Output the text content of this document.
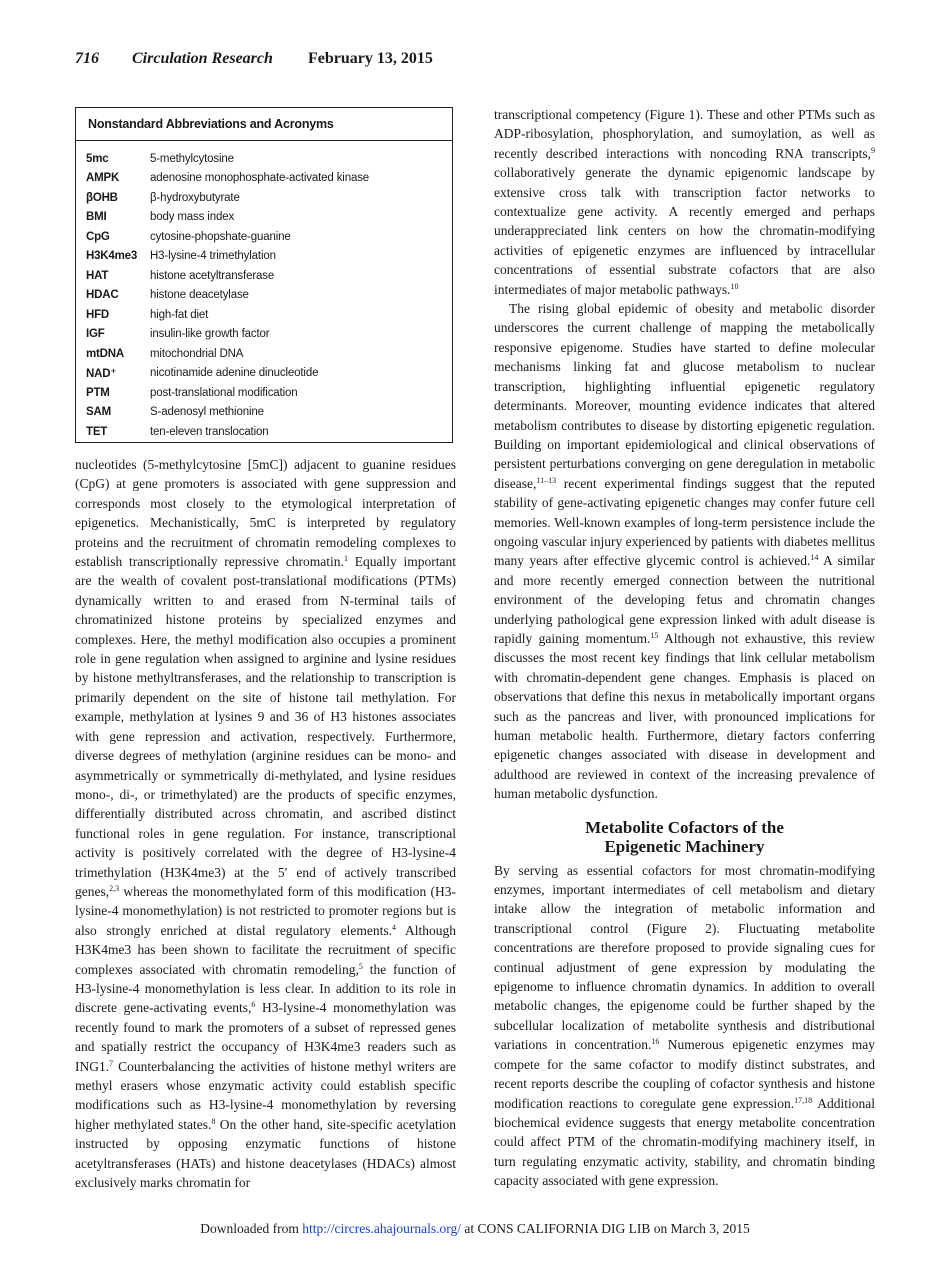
716 Circulation Research February 13, 2015
Nonstandard Abbreviations and Acronyms
5mc	5-methylcytosine
AMPK	adenosine monophosphate-activated kinase
βOHB	β-hydroxybutyrate
BMI	body mass index
CpG	cytosine-phopshate-guanine
H3K4me3	H3-lysine-4 trimethylation
HAT	histone acetyltransferase
HDAC	histone deacetylase
HFD	high-fat diet
IGF	insulin-like growth factor
mtDNA	mitochondrial DNA
NAD⁺	nicotinamide adenine dinucleotide
PTM	post-translational modification
SAM	S-adenosyl methionine
TET	ten-eleven translocation

nucleotides (5-methylcytosine [5mC]) adjacent to guanine residues (CpG) at gene promoters is associated with gene suppression and corresponds most closely to the etymological interpretation of epigenetics. Mechanistically, 5mC is interpreted by regulatory proteins and the recruitment of chromatin remodeling complexes to establish transcriptionally repressive chromatin.$^1$ Equally important are the wealth of covalent post-translational modifications (PTMs) dynamically written to and erased from N-terminal tails of chromatinized histone proteins by specialized enzymes and complexes. Here, the methyl modification also occupies a prominent role in gene regulation when assigned to arginine and lysine residues by histone methyltransferases, and the relationship to transcription is primarily dependent on the site of histone tail methylation. For example, methylation at lysines 9 and 36 of H3 histones associates with gene repression and activation, respectively. Furthermore, diverse degrees of methylation (arginine residues can be mono- and asymmetrically or symmetrically di-methylated, and lysine residues mono-, di-, or trimethylated) are the products of specific enzymes, differentially distributed across chromatin, and ascribed distinct functional roles in gene regulation. For instance, transcriptional activity is positively correlated with the degree of H3-lysine-4 trimethylation (H3K4me3) at the 5′ end of actively transcribed genes,$^{2,3}$ whereas the monomethylated form of this modification (H3-lysine-4 monomethylation) is not restricted to promoter regions but is also strongly enriched at distal regulatory elements.$^4$ Although H3K4me3 has been shown to facilitate the recruitment of specific complexes associated with chromatin remodeling,$^5$ the function of H3-lysine-4 monomethylation is less clear. In addition to its role in discrete gene-activating events,$^6$ H3-lysine-4 monomethylation was recently found to mark the promoters of a subset of repressed genes and spatially restrict the occupancy of H3K4me3 readers such as ING1.$^7$ Counterbalancing the activities of histone methyl writers are methyl erasers whose enzymatic activity could establish specific modifications such as H3-lysine-4 monomethylation by reversing higher methylated states.$^8$ On the other hand, site-specific acetylation instructed by opposing enzymatic functions of histone acetyltransferases (HATs) and histone deacetylases (HDACs) almost exclusively marks chromatin for

transcriptional competency (Figure 1). These and other PTMs such as ADP-ribosylation, phosphorylation, and sumoylation, as well as recently described interactions with noncoding RNA transcripts,$^9$ collaboratively generate the dynamic epigenomic landscape by extensive cross talk with transcription factor networks to contextualize gene activity. A recently emerged and perhaps underappreciated link centers on how the chromatin-modifying activities of epigenetic enzymes are influenced by intracellular concentrations of essential substrate cofactors that are also intermediates of major metabolic pathways.$^{10}$

The rising global epidemic of obesity and metabolic disorder underscores the current challenge of mapping the metabolically responsive epigenome. Studies have started to define molecular mechanisms linking fat and glucose metabolism to nuclear transcription, highlighting influential epigenetic regulatory determinants. Moreover, mounting evidence indicates that altered metabolism contributes to disease by distorting epigenetic regulation. Building on important epidemiological and clinical observations of persistent perturbations converging on gene deregulation in metabolic disease,$^{11-13}$ recent experimental findings suggest that the reputed stability of gene-activating epigenetic changes may confer future cell memories. Well-known examples of long-term persistence include the ongoing vascular injury experienced by patients with diabetes mellitus many years after effective glycemic control is achieved.$^{14}$ A similar and more recently emerged connection between the nutritional environment of the developing fetus and chromatin changes underlying pathological gene expression linked with adult disease is rapidly gaining momentum.$^{15}$ Although not exhaustive, this review discusses the most recent key findings that link cellular metabolism with chromatin-dependent gene changes. Emphasis is placed on observations that define this nexus in metabolically important organs such as the pancreas and liver, with pronounced implications for human metabolic health. Furthermore, dietary factors conferring epigenetic changes associated with disease in development and adulthood are reviewed in context of the increasing prevalence of human metabolic dysfunction.

Metabolite Cofactors of the
Epigenetic Machinery

By serving as essential cofactors for most chromatin-modifying enzymes, important intermediates of cell metabolism and dietary intake allow the integration of metabolic information and transcriptional control (Figure 2). Fluctuating metabolite concentrations are therefore proposed to provide signaling cues for continual adjustment of gene expression by modulating the epigenome to influence chromatin dynamics. In addition to overall metabolic changes, the epigenome could be further shaped by the subcellular localization of metabolite synthesis and distributional variations in concentration.$^{16}$ Numerous epigenetic enzymes may compete for the same cofactor to modify distinct substrates, and recent reports describe the coupling of cofactor synthesis and histone modification reactions to coregulate gene expression.$^{17,18}$ Additional biochemical evidence suggests that energy metabolite concentration could affect PTM of the chromatin-modifying machinery itself, in turn regulating enzymatic activity, stability, and chromatin binding capacity associated with gene expression.

Downloaded from http://circres.ahajournals.org/ at CONS CALIFORNIA DIG LIB on March 3, 2015
